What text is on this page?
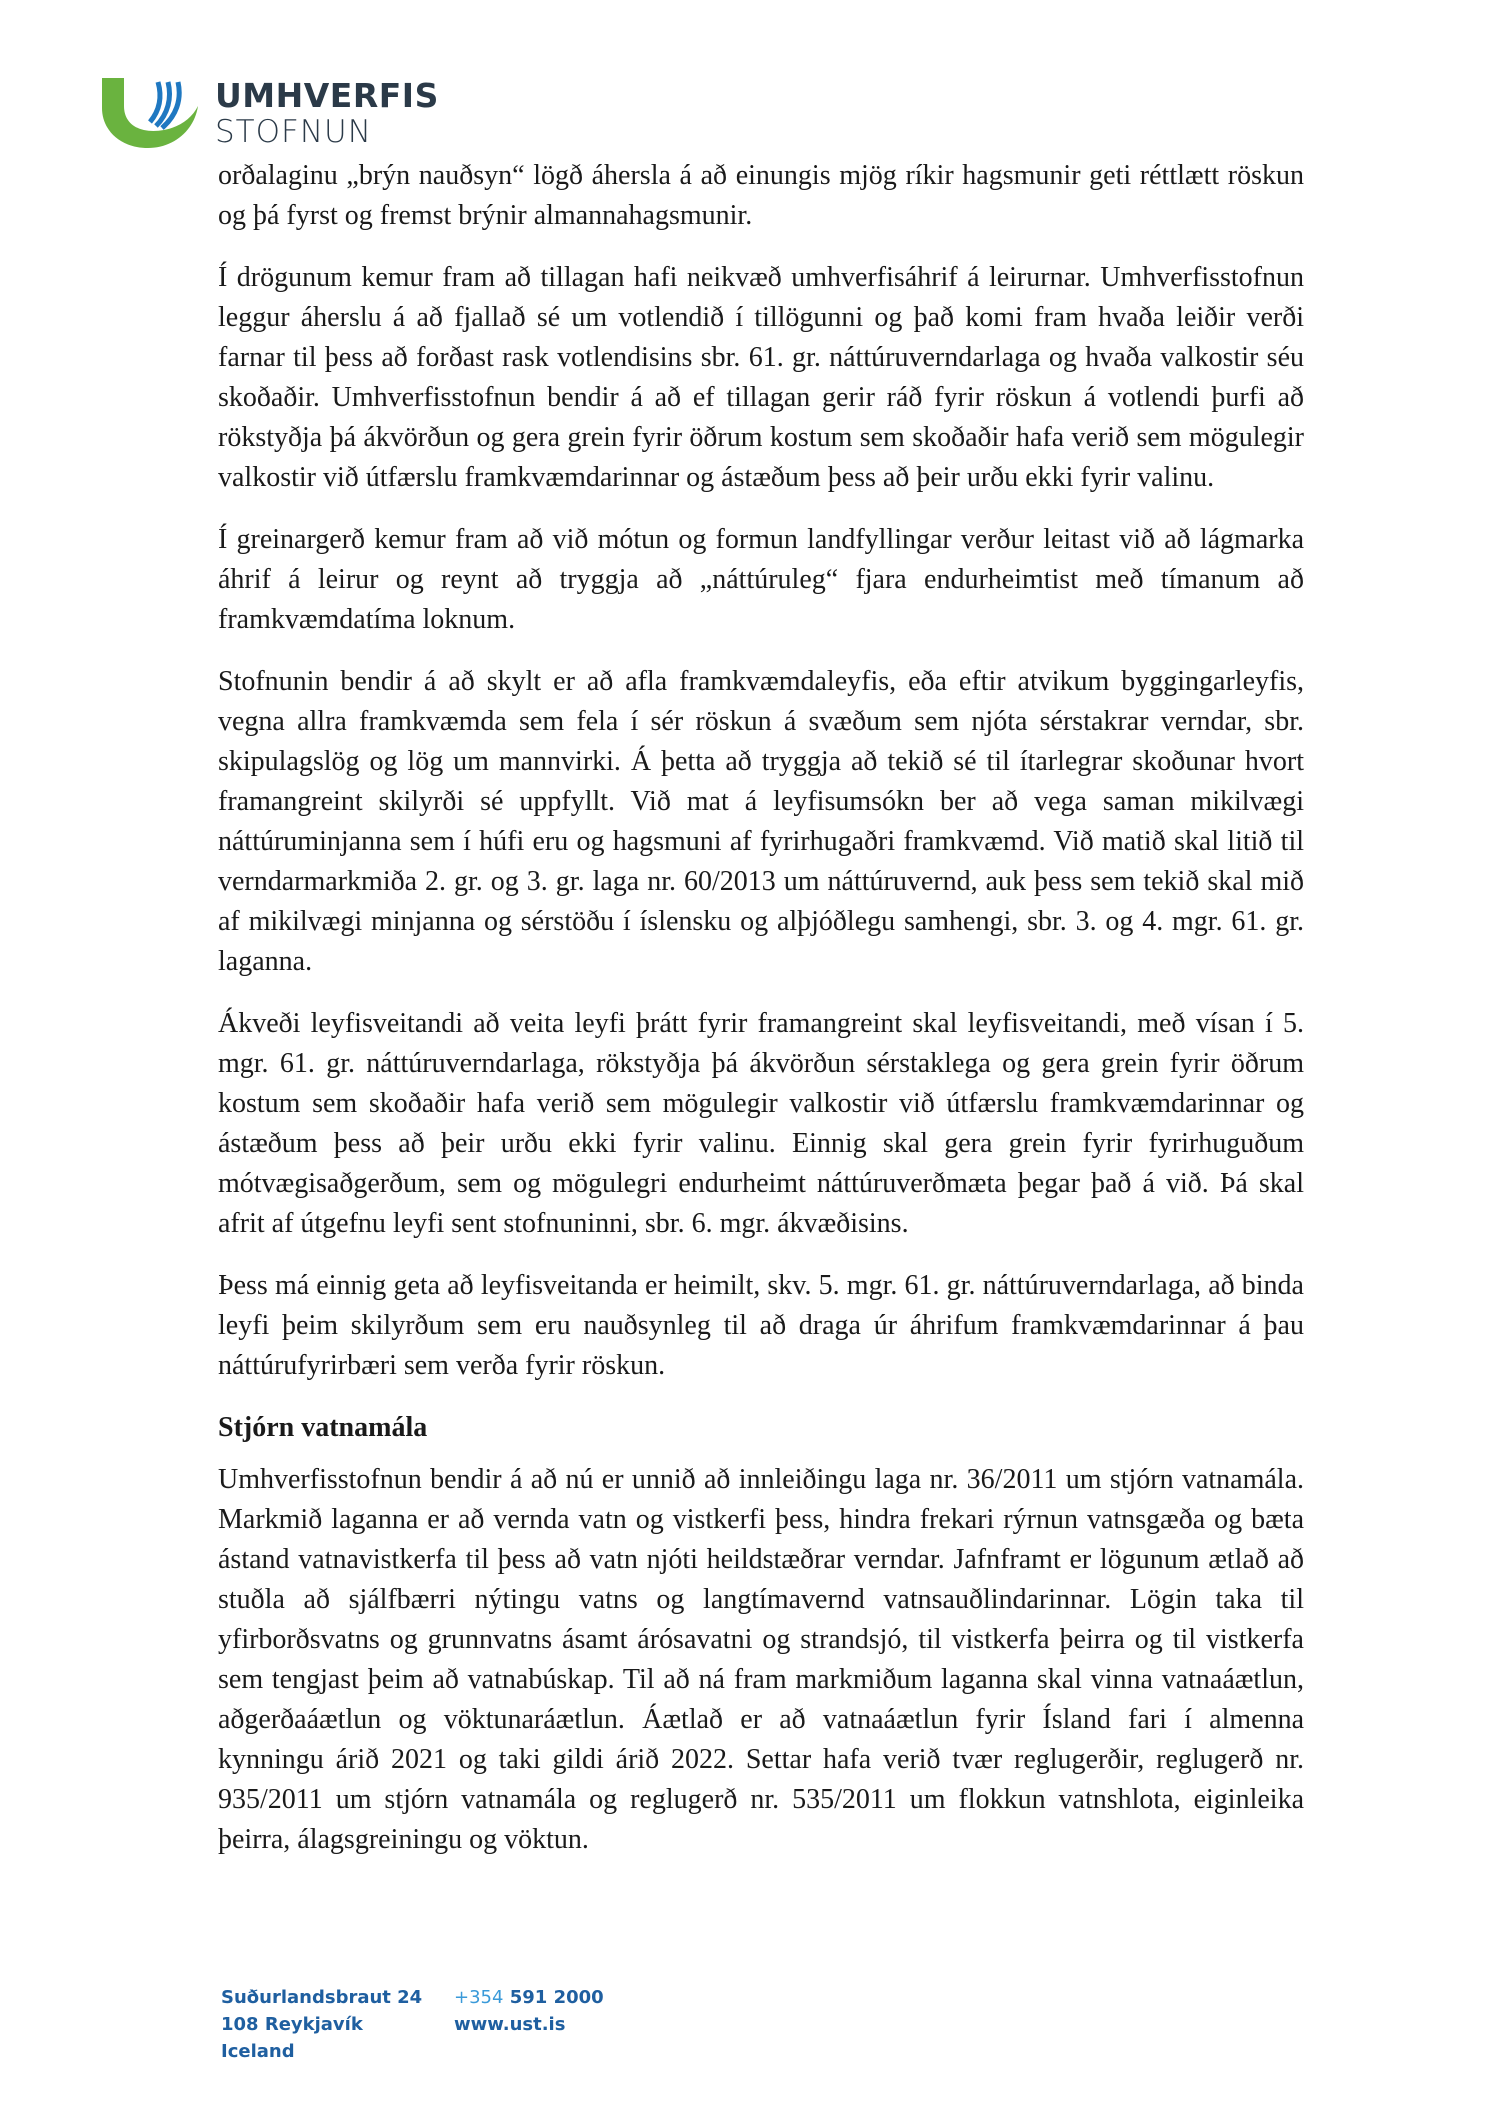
UMHVERFIS
STOFNUN

orðalaginu „brýn nauðsyn“ lögð áhersla á að einungis mjög ríkir hagsmunir geti réttlætt röskun og þá fyrst og fremst brýnir almannahagsmunir.

Í drögunum kemur fram að tillagan hafi neikvæð umhverfisáhrif á leirurnar. Umhverfisstofnun leggur áherslu á að fjallað sé um votlendið í tillögunni og það komi fram hvaða leiðir verði farnar til þess að forðast rask votlendisins sbr. 61. gr. náttúruverndarlaga og hvaða valkostir séu skoðaðir. Umhverfisstofnun bendir á að ef tillagan gerir ráð fyrir röskun á votlendi þurfi að rökstyðja þá ákvörðun og gera grein fyrir öðrum kostum sem skoðaðir hafa verið sem mögulegir valkostir við útfærslu framkvæmdarinnar og ástæðum þess að þeir urðu ekki fyrir valinu.

Í greinargerð kemur fram að við mótun og formun landfyllingar verður leitast við að lágmarka áhrif á leirur og reynt að tryggja að „náttúruleg“ fjara endurheimtist með tímanum að framkvæmdatíma loknum.

Stofnunin bendir á að skylt er að afla framkvæmdaleyfis, eða eftir atvikum byggingarleyfis, vegna allra framkvæmda sem fela í sér röskun á svæðum sem njóta sérstakrar verndar, sbr. skipulagslög og lög um mannvirki. Á þetta að tryggja að tekið sé til ítarlegrar skoðunar hvort framangreint skilyrði sé uppfyllt. Við mat á leyfisumsókn ber að vega saman mikilvægi náttúruminjanna sem í húfi eru og hagsmuni af fyrirhugaðri framkvæmd. Við matið skal litið til verndarmarkmiða 2. gr. og 3. gr. laga nr. 60/2013 um náttúruvernd, auk þess sem tekið skal mið af mikilvægi minjanna og sérstöðu í íslensku og alþjóðlegu samhengi, sbr. 3. og 4. mgr. 61. gr. laganna.

Ákveði leyfisveitandi að veita leyfi þrátt fyrir framangreint skal leyfisveitandi, með vísan í 5. mgr. 61. gr. náttúruverndarlaga, rökstyðja þá ákvörðun sérstaklega og gera grein fyrir öðrum kostum sem skoðaðir hafa verið sem mögulegir valkostir við útfærslu framkvæmdarinnar og ástæðum þess að þeir urðu ekki fyrir valinu. Einnig skal gera grein fyrir fyrirhuguðum mótvægisaðgerðum, sem og mögulegri endurheimt náttúruverðmæta þegar það á við. Þá skal afrit af útgefnu leyfi sent stofnuninni, sbr. 6. mgr. ákvæðisins.

Þess má einnig geta að leyfisveitanda er heimilt, skv. 5. mgr. 61. gr. náttúruverndarlaga, að binda leyfi þeim skilyrðum sem eru nauðsynleg til að draga úr áhrifum framkvæmdarinnar á þau náttúrufyrirbæri sem verða fyrir röskun.

Stjórn vatnamála

Umhverfisstofnun bendir á að nú er unnið að innleiðingu laga nr. 36/2011 um stjórn vatnamála. Markmið laganna er að vernda vatn og vistkerfi þess, hindra frekari rýrnun vatnsgæða og bæta ástand vatnavistkerfa til þess að vatn njóti heildstæðrar verndar. Jafnframt er lögunum ætlað að stuðla að sjálfbærri nýtingu vatns og langtímavernd vatnsauðlindarinnar. Lögin taka til yfirborðsvatns og grunnvatns ásamt árósavatni og strandsjó, til vistkerfa þeirra og til vistkerfa sem tengjast þeim að vatnabúskap. Til að ná fram markmiðum laganna skal vinna vatnaáætlun, aðgerðaáætlun og vöktunaráætlun. Áætlað er að vatnaáætlun fyrir Ísland fari í almenna kynningu árið 2021 og taki gildi árið 2022. Settar hafa verið tvær reglugerðir, reglugerð nr. 935/2011 um stjórn vatnamála og reglugerð nr. 535/2011 um flokkun vatnshlota, eiginleika þeirra, álagsgreiningu og vöktun.

Suðurlandsbraut 24
108 Reykjavík
Iceland
+354 591 2000
www.ust.is
